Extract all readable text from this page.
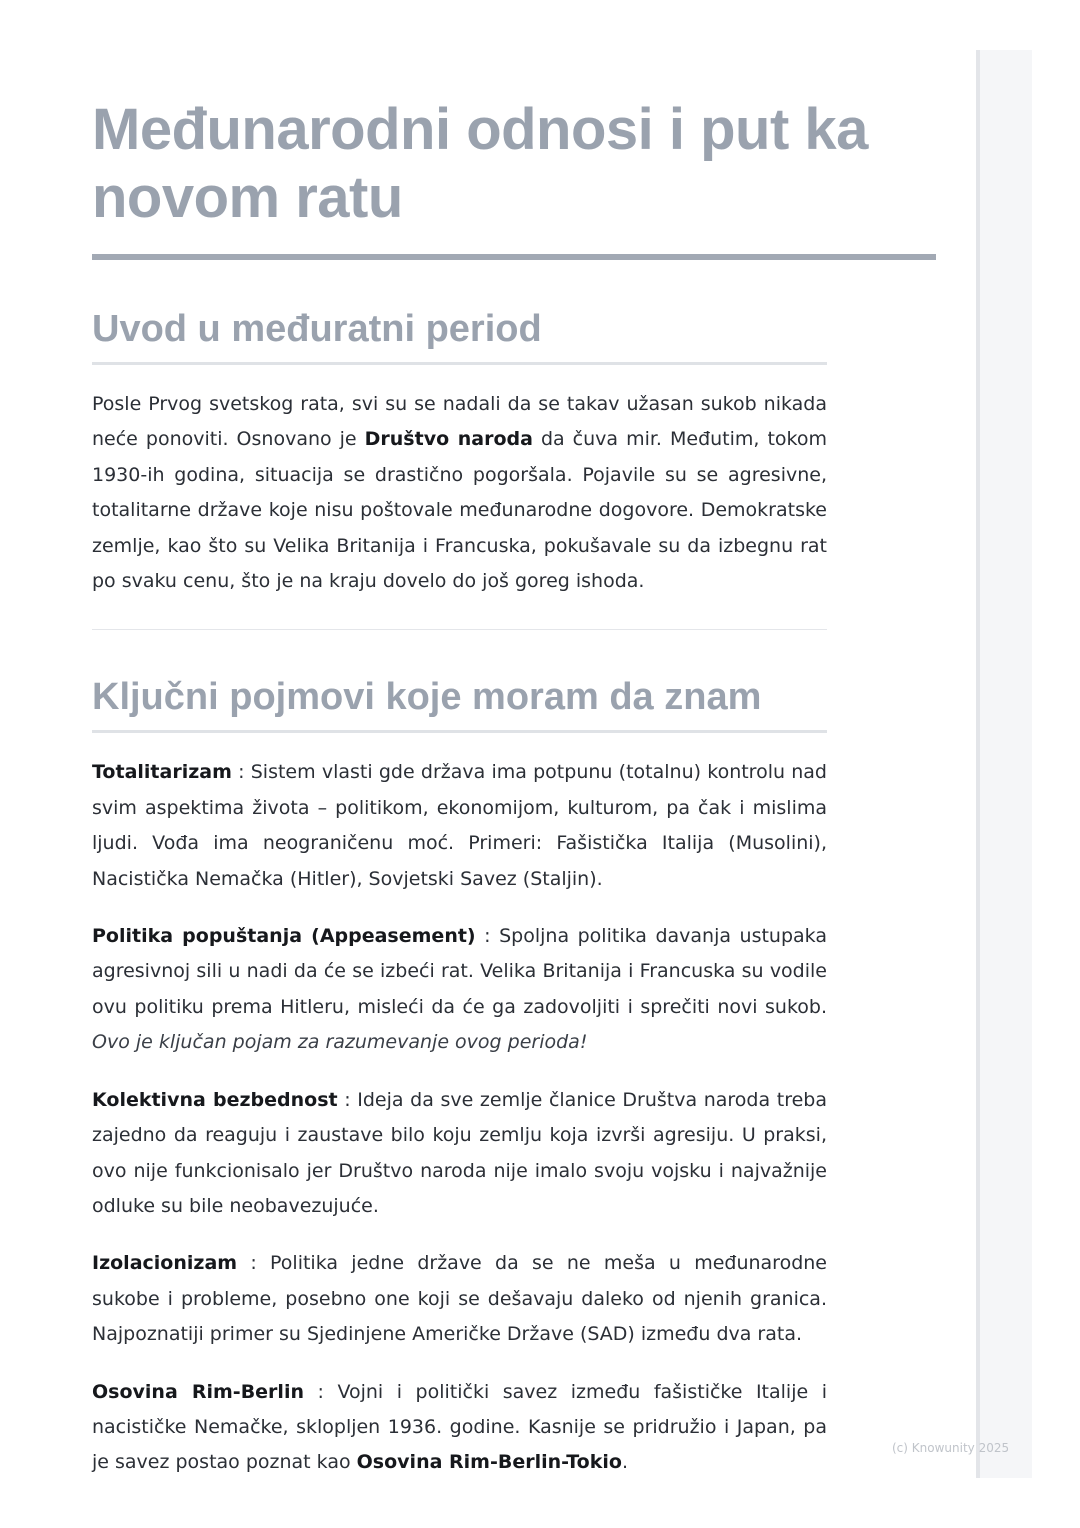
Međunarodni odnosi i put ka novom ratu
Uvod u međuratni period

Posle Prvog svetskog rata, svi su se nadali da se takav užasan sukob nikada neće ponoviti. Osnovano je Društvo naroda da čuva mir. Međutim, tokom 1930-ih godina, situacija se drastično pogoršala. Pojavile su se agresivne, totalitarne države koje nisu poštovale međunarodne dogovore. Demokratske zemlje, kao što su Velika Britanija i Francuska, pokušavale su da izbegnu rat po svaku cenu, što je na kraju dovelo do još goreg ishoda.

Ključni pojmovi koje moram da znam

Totalitarizam : Sistem vlasti gde država ima potpunu (totalnu) kontrolu nad svim aspektima života – politikom, ekonomijom, kulturom, pa čak i mislima ljudi. Vođa ima neograničenu moć. Primeri: Fašistička Italija (Musolini), Nacistička Nemačka (Hitler), Sovjetski Savez (Staljin).

Politika popuštanja (Appeasement) : Spoljna politika davanja ustupaka agresivnoj sili u nadi da će se izbeći rat. Velika Britanija i Francuska su vodile ovu politiku prema Hitleru, misleći da će ga zadovoljiti i sprečiti novi sukob. Ovo je ključan pojam za razumevanje ovog perioda!

Kolektivna bezbednost : Ideja da sve zemlje članice Društva naroda treba zajedno da reaguju i zaustave bilo koju zemlju koja izvrši agresiju. U praksi, ovo nije funkcionisalo jer Društvo naroda nije imalo svoju vojsku i najvažnije odluke su bile neobavezujuće.

Izolacionizam : Politika jedne države da se ne meša u međunarodne sukobe i probleme, posebno one koji se dešavaju daleko od njenih granica. Najpoznatiji primer su Sjedinjene Američke Države (SAD) između dva rata.

Osovina Rim-Berlin : Vojni i politički savez između fašističke Italije i nacističke Nemačke, sklopljen 1936. godine. Kasnije se pridružio i Japan, pa je savez postao poznat kao Osovina Rim-Berlin-Tokio.

(c) Knowunity 2025
